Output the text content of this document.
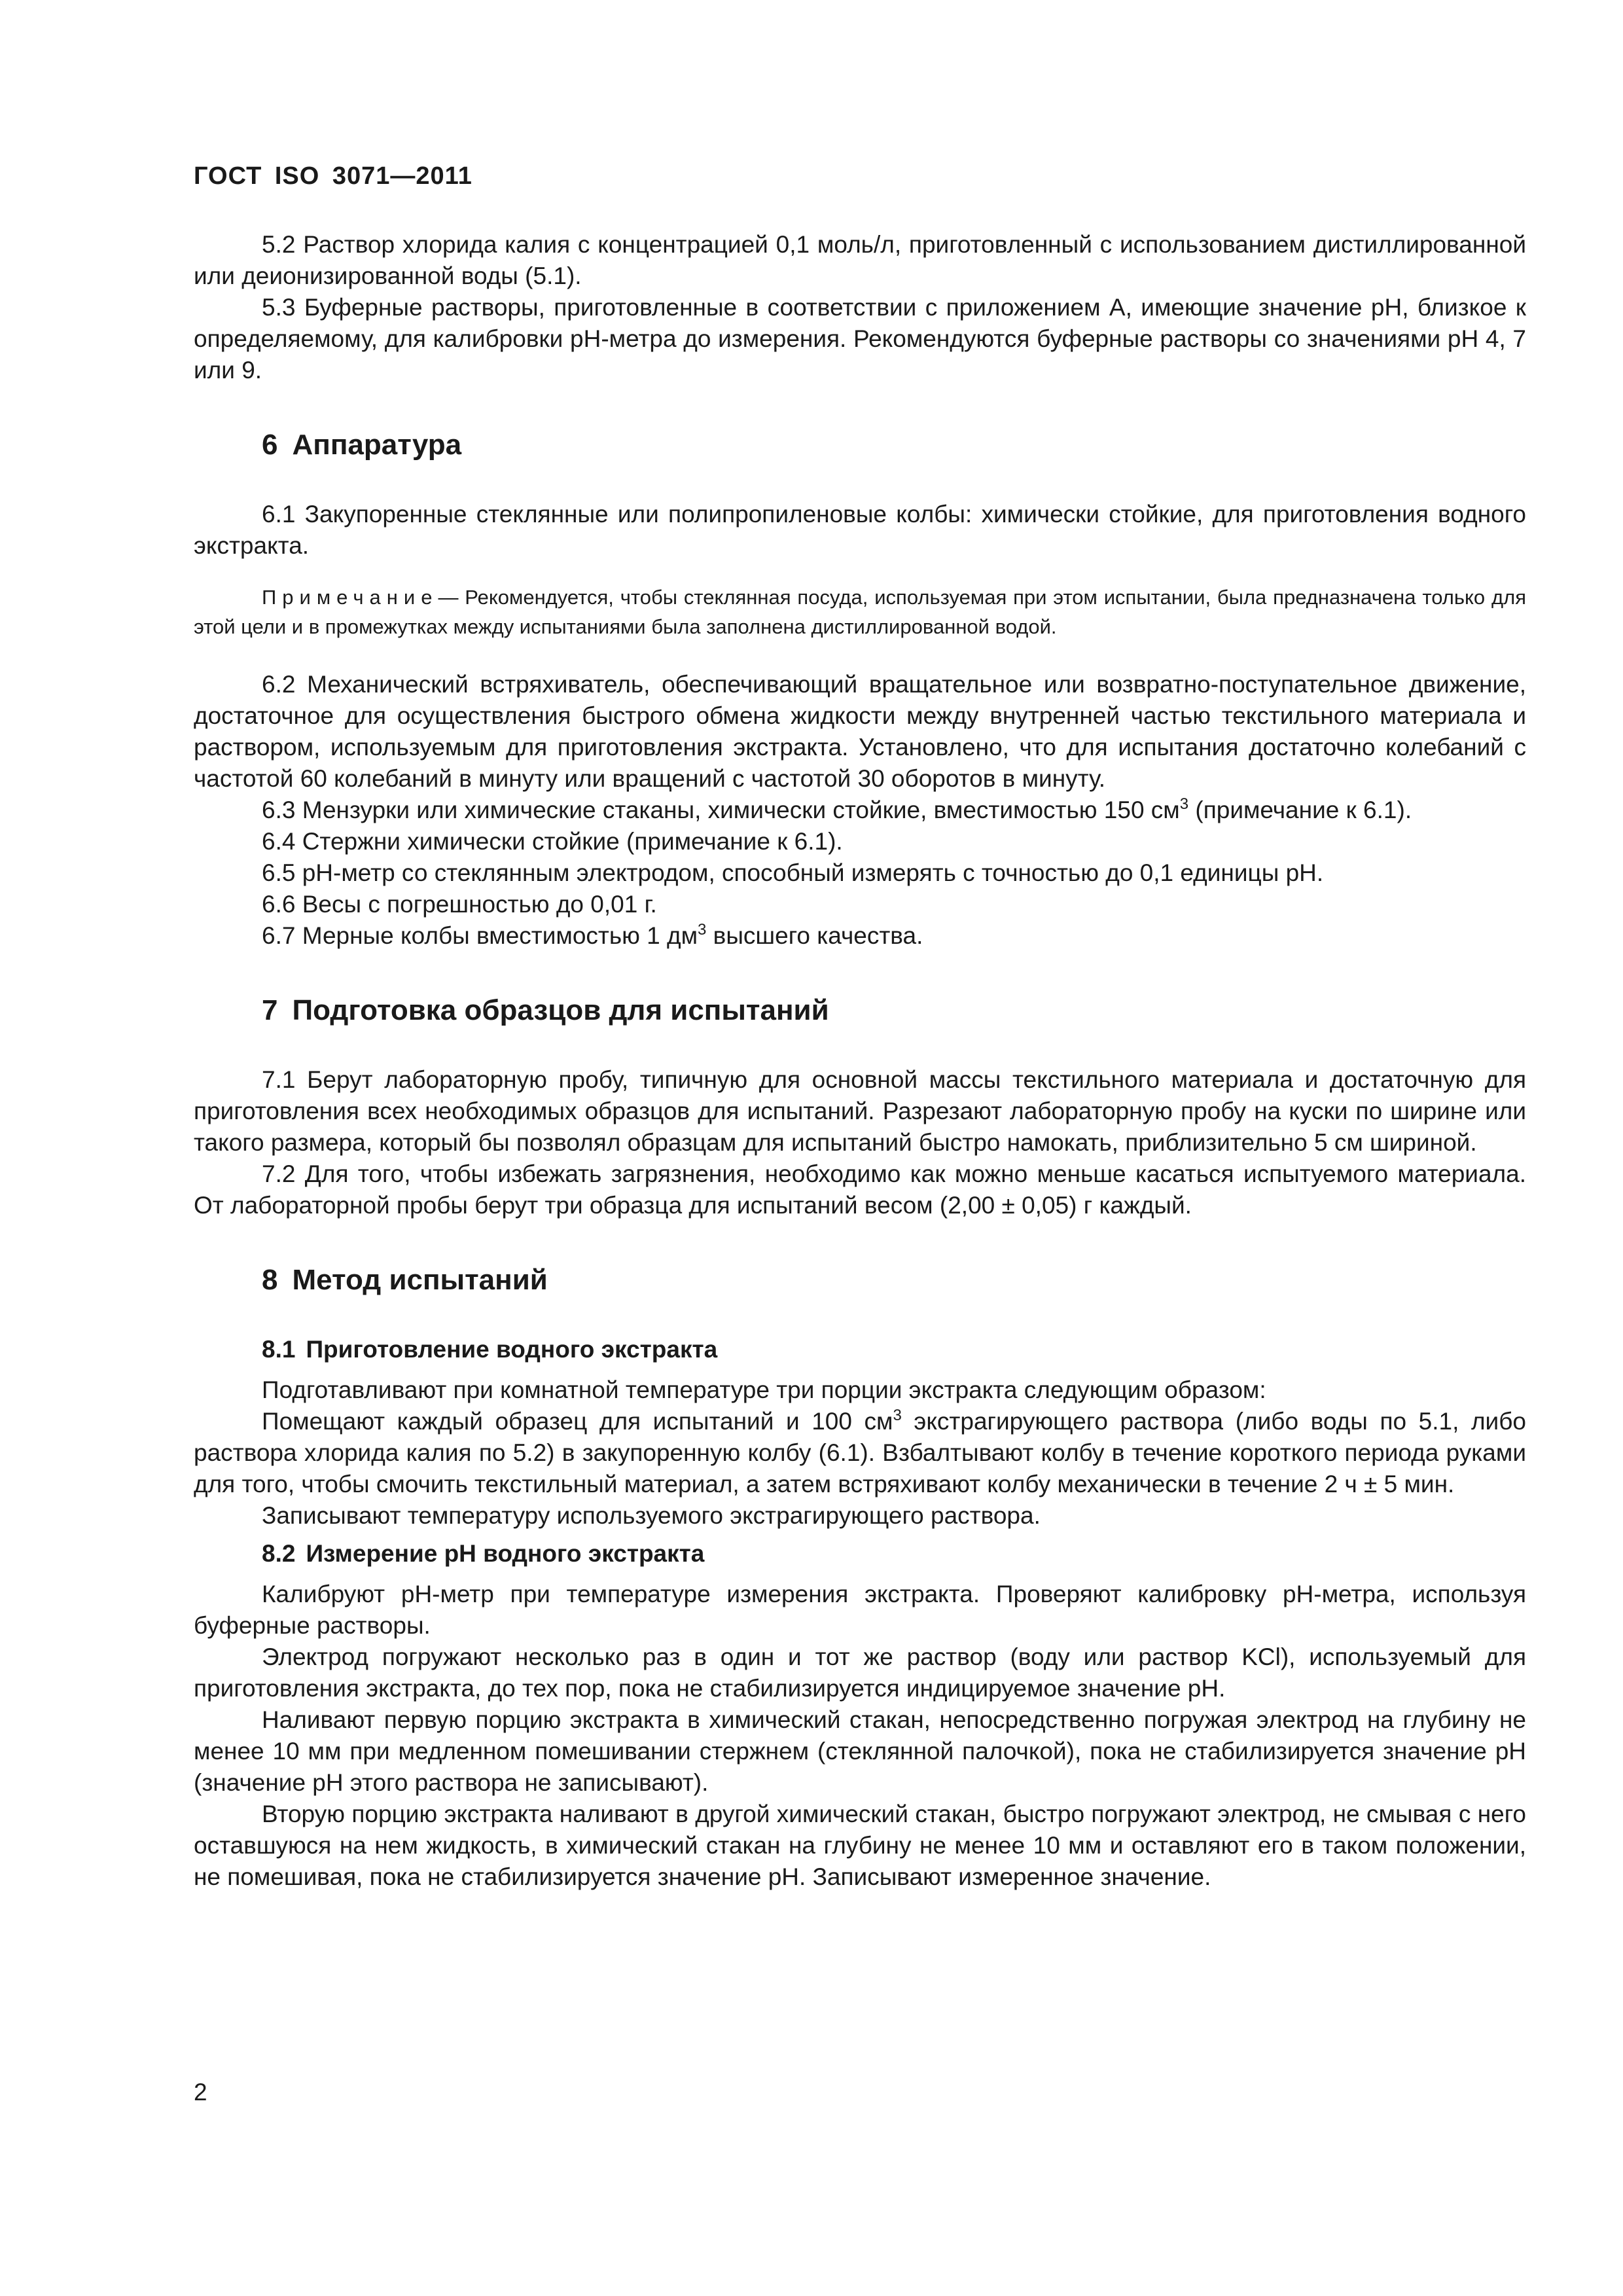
ГОСТ ISO 3071—2011

5.2 Раствор хлорида калия с концентрацией 0,1 моль/л, приготовленный с использованием дистиллированной или деионизированной воды (5.1).

5.3 Буферные растворы, приготовленные в соответствии с приложением А, имеющие значение pH, близкое к определяемому, для калибровки pH-метра до измерения. Рекомендуются буферные растворы со значениями pH 4, 7 или 9.

6 Аппаратура

6.1 Закупоренные стеклянные или полипропиленовые колбы: химически стойкие, для приготовления водного экстракта.

Примечание— Рекомендуется, чтобы стеклянная посуда, используемая при этом испытании, была предназначена только для этой цели и в промежутках между испытаниями была заполнена дистиллированной водой.

6.2 Механический встряхиватель, обеспечивающий вращательное или возвратно-поступательное движение, достаточное для осуществления быстрого обмена жидкости между внутренней частью текстильного материала и раствором, используемым для приготовления экстракта. Установлено, что для испытания достаточно колебаний с частотой 60 колебаний в минуту или вращений с частотой 30 оборотов в минуту.

6.3 Мензурки или химические стаканы, химически стойкие, вместимостью 150 $см^3$ (примечание к 6.1).

6.4 Стержни химически стойкие (примечание к 6.1).

6.5 pH-метр со стеклянным электродом, способный измерять с точностью до 0,1 единицы pH.

6.6 Весы с погрешностью до 0,01 г.

6.7 Мерные колбы вместимостью 1 $дм^3$ высшего качества.

7 Подготовка образцов для испытаний

7.1 Берут лабораторную пробу, типичную для основной массы текстильного материала и достаточную для приготовления всех необходимых образцов для испытаний. Разрезают лабораторную пробу на куски по ширине или такого размера, который бы позволял образцам для испытаний быстро намокать, приблизительно 5 см шириной.

7.2 Для того, чтобы избежать загрязнения, необходимо как можно меньше касаться испытуемого материала. От лабораторной пробы берут три образца для испытаний весом (2,00 ± 0,05) г каждый.

8 Метод испытаний
8.1 Приготовление водного экстракта

Подготавливают при комнатной температуре три порции экстракта следующим образом:

Помещают каждый образец для испытаний и 100 $см^3$ экстрагирующего раствора (либо воды по 5.1, либо раствора хлорида калия по 5.2) в закупоренную колбу (6.1). Взбалтывают колбу в течение короткого периода руками для того, чтобы смочить текстильный материал, а затем встряхивают колбу механически в течение 2 ч ± 5 мин.

Записывают температуру используемого экстрагирующего раствора.

8.2 Измерение pH водного экстракта

Калибруют pH-метр при температуре измерения экстракта. Проверяют калибровку pH-метра, используя буферные растворы.

Электрод погружают несколько раз в один и тот же раствор (воду или раствор KCl), используемый для приготовления экстракта, до тех пор, пока не стабилизируется индицируемое значение pH.

Наливают первую порцию экстракта в химический стакан, непосредственно погружая электрод на глубину не менее 10 мм при медленном помешивании стержнем (стеклянной палочкой), пока не стабилизируется значение pH (значение pH этого раствора не записывают).

Вторую порцию экстракта наливают в другой химический стакан, быстро погружают электрод, не смывая с него оставшуюся на нем жидкость, в химический стакан на глубину не менее 10 мм и оставляют его в таком положении, не помешивая, пока не стабилизируется значение pH. Записывают измеренное значение.

2
